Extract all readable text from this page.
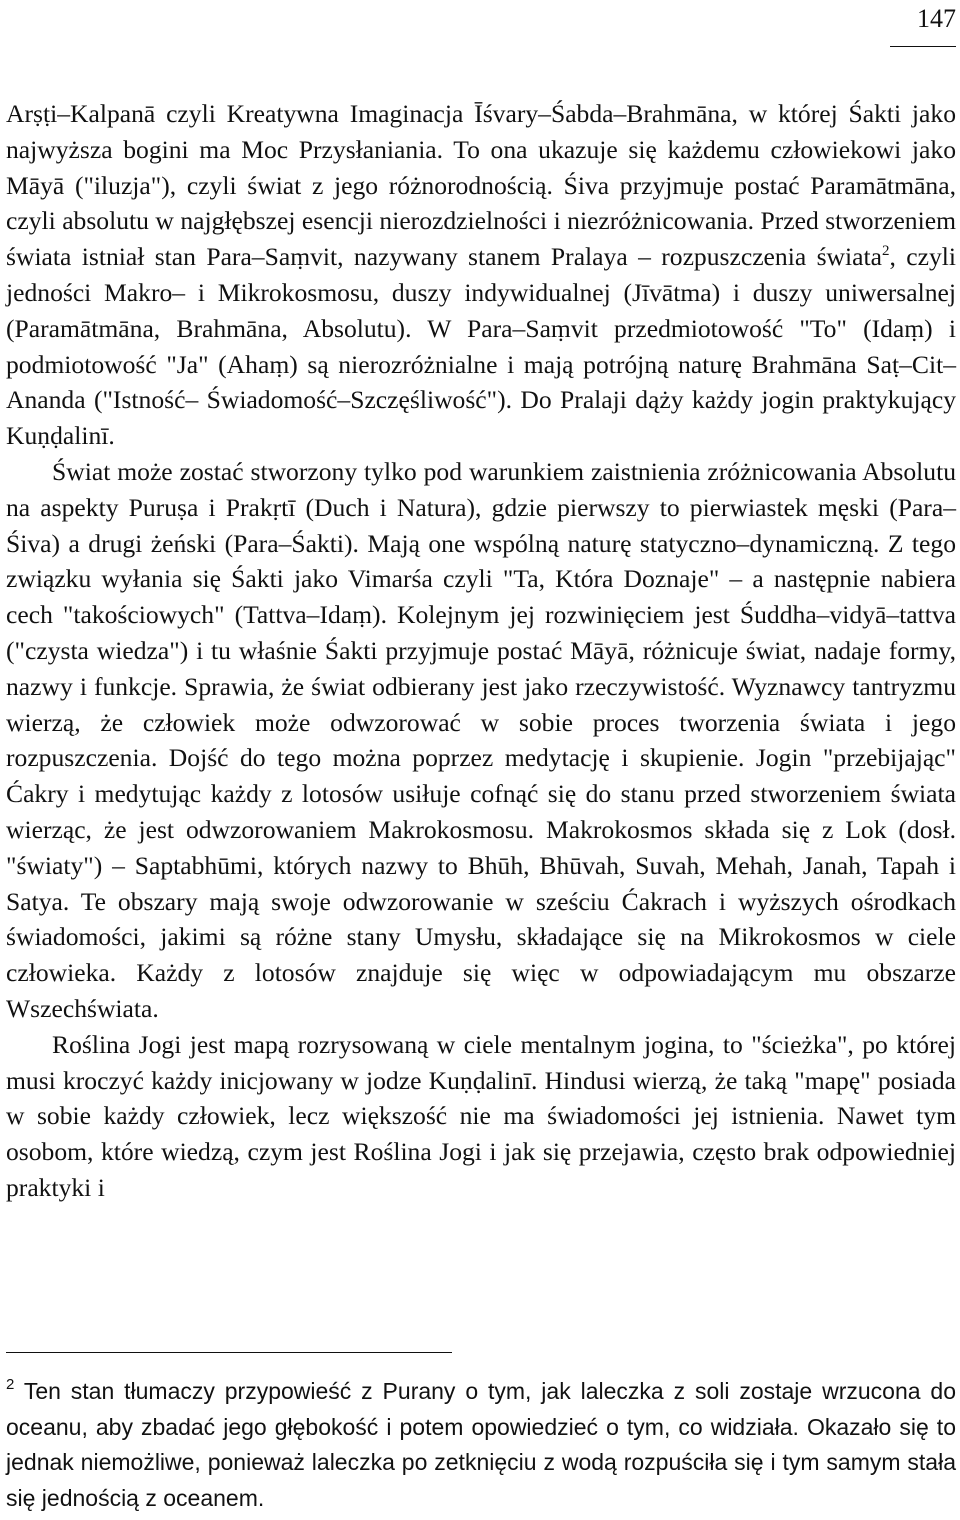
147

Arṣṭi–Kalpanā czyli Kreatywna Imaginacja Īśvary–Śabda–Brahmāna, w której Śakti jako najwyższa bogini ma Moc Przysłaniania. To ona ukazuje się każdemu człowiekowi jako Māyā ("iluzja"), czyli świat z jego różnorodnością. Śiva przyjmuje postać Paramātmāna, czyli absolutu w najgłębszej esencji nierozdzielności i niezróżnicowania. Przed stworzeniem świata istniał stan Para–Saṃvit, nazywany stanem Pralaya – rozpuszczenia świata$^2$, czyli jedności Makro– i Mikrokosmosu, duszy indywidualnej (Jīvātma) i duszy uniwersalnej (Paramātmāna, Brahmāna, Absolutu). W Para–Saṃvit przedmiotowość "To" (Idaṃ) i podmiotowość "Ja" (Ahaṃ) są nierozróżnialne i mają potrójną naturę Brahmāna Saṭ–Cit–Ananda ("Istność– Świadomość–Szczęśliwość"). Do Pralaji dąży każdy jogin praktykujący Kuṇḍalinī.

Świat może zostać stworzony tylko pod warunkiem zaistnienia zróżnicowania Absolutu na aspekty Puruṣa i Prakṛtī (Duch i Natura), gdzie pierwszy to pierwiastek męski (Para–Śiva) a drugi żeński (Para–Śakti). Mają one wspólną naturę statyczno–dynamiczną. Z tego związku wyłania się Śakti jako Vimarśa czyli "Ta, Która Doznaje" – a następnie nabiera cech "takościowych" (Tattva–Idaṃ). Kolejnym jej rozwinięciem jest Śuddha–vidyā–tattva ("czysta wiedza") i tu właśnie Śakti przyjmuje postać Māyā, różnicuje świat, nadaje formy, nazwy i funkcje. Sprawia, że świat odbierany jest jako rzeczywistość. Wyznawcy tantryzmu wierzą, że człowiek może odwzorować w sobie proces tworzenia świata i jego rozpuszczenia. Dojść do tego można poprzez medytację i skupienie. Jogin "przebijając" Ćakry i medytując każdy z lotosów usiłuje cofnąć się do stanu przed stworzeniem świata wierząc, że jest odwzorowaniem Makrokosmosu. Makrokosmos składa się z Lok (dosł. "światy") – Saptabhūmi, których nazwy to Bhūh, Bhūvah, Suvah, Mehah, Janah, Tapah i Satya. Te obszary mają swoje odwzorowanie w sześciu Ćakrach i wyższych ośrodkach świadomości, jakimi są różne stany Umysłu, składające się na Mikrokosmos w ciele człowieka. Każdy z lotosów znajduje się więc w odpowiadającym mu obszarze Wszechświata.

Roślina Jogi jest mapą rozrysowaną w ciele mentalnym jogina, to "ścieżka", po której musi kroczyć każdy inicjowany w jodze Kuṇḍalinī. Hindusi wierzą, że taką "mapę" posiada w sobie każdy człowiek, lecz większość nie ma świadomości jej istnienia. Nawet tym osobom, które wiedzą, czym jest Roślina Jogi i jak się przejawia, często brak odpowiedniej praktyki i

$^2$ Ten stan tłumaczy przypowieść z Purany o tym, jak laleczka z soli zostaje wrzucona do oceanu, aby zbadać jego głębokość i potem opowiedzieć o tym, co widziała. Okazało się to jednak niemożliwe, ponieważ laleczka po zetknięciu z wodą rozpuściła się i tym samym stała się jednością z oceanem.
